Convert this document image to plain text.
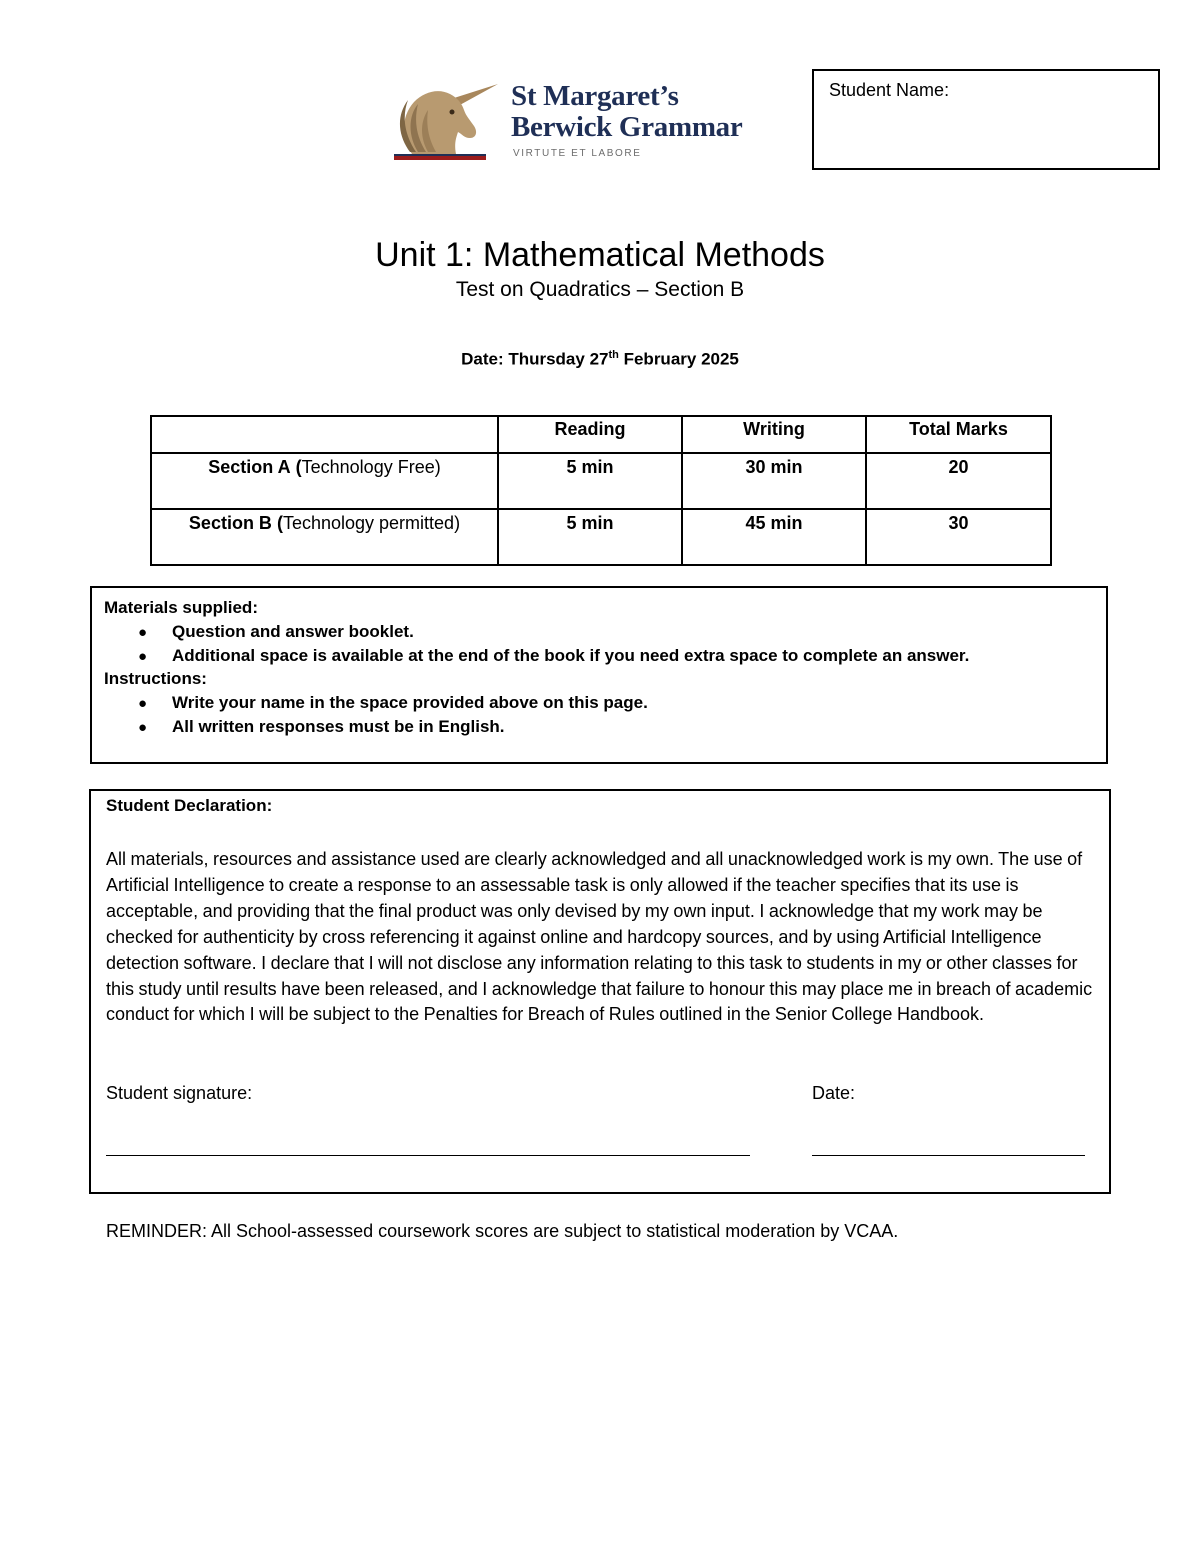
St Margaret’s
Berwick Grammar
VIRTUTE ET LABORE
Student Name:
Unit 1: Mathematical Methods
Test on Quadratics – Section B
Date: Thursday 27th February 2025
	Reading	Writing	Total Marks
Section A (Technology Free)	5 min	30 min	20
Section B (Technology permitted)	5 min	45 min	30
Materials supplied:
● Question and answer booklet.
● Additional space is available at the end of the book if you need extra space to complete an answer.
Instructions:
● Write your name in the space provided above on this page.
● All written responses must be in English.
Student Declaration:
All materials, resources and assistance used are clearly acknowledged and all unacknowledged work is my own. The use of Artificial Intelligence to create a response to an assessable task is only allowed if the teacher specifies that its use is acceptable, and providing that the final product was only devised by my own input. I acknowledge that my work may be checked for authenticity by cross referencing it against online and hardcopy sources, and by using Artificial Intelligence detection software. I declare that I will not disclose any information relating to this task to students in my or other classes for this study until results have been released, and I acknowledge that failure to honour this may place me in breach of academic conduct for which I will be subject to the Penalties for Breach of Rules outlined in the Senior College Handbook.
Student signature:	Date:
REMINDER: All School-assessed coursework scores are subject to statistical moderation by VCAA.
